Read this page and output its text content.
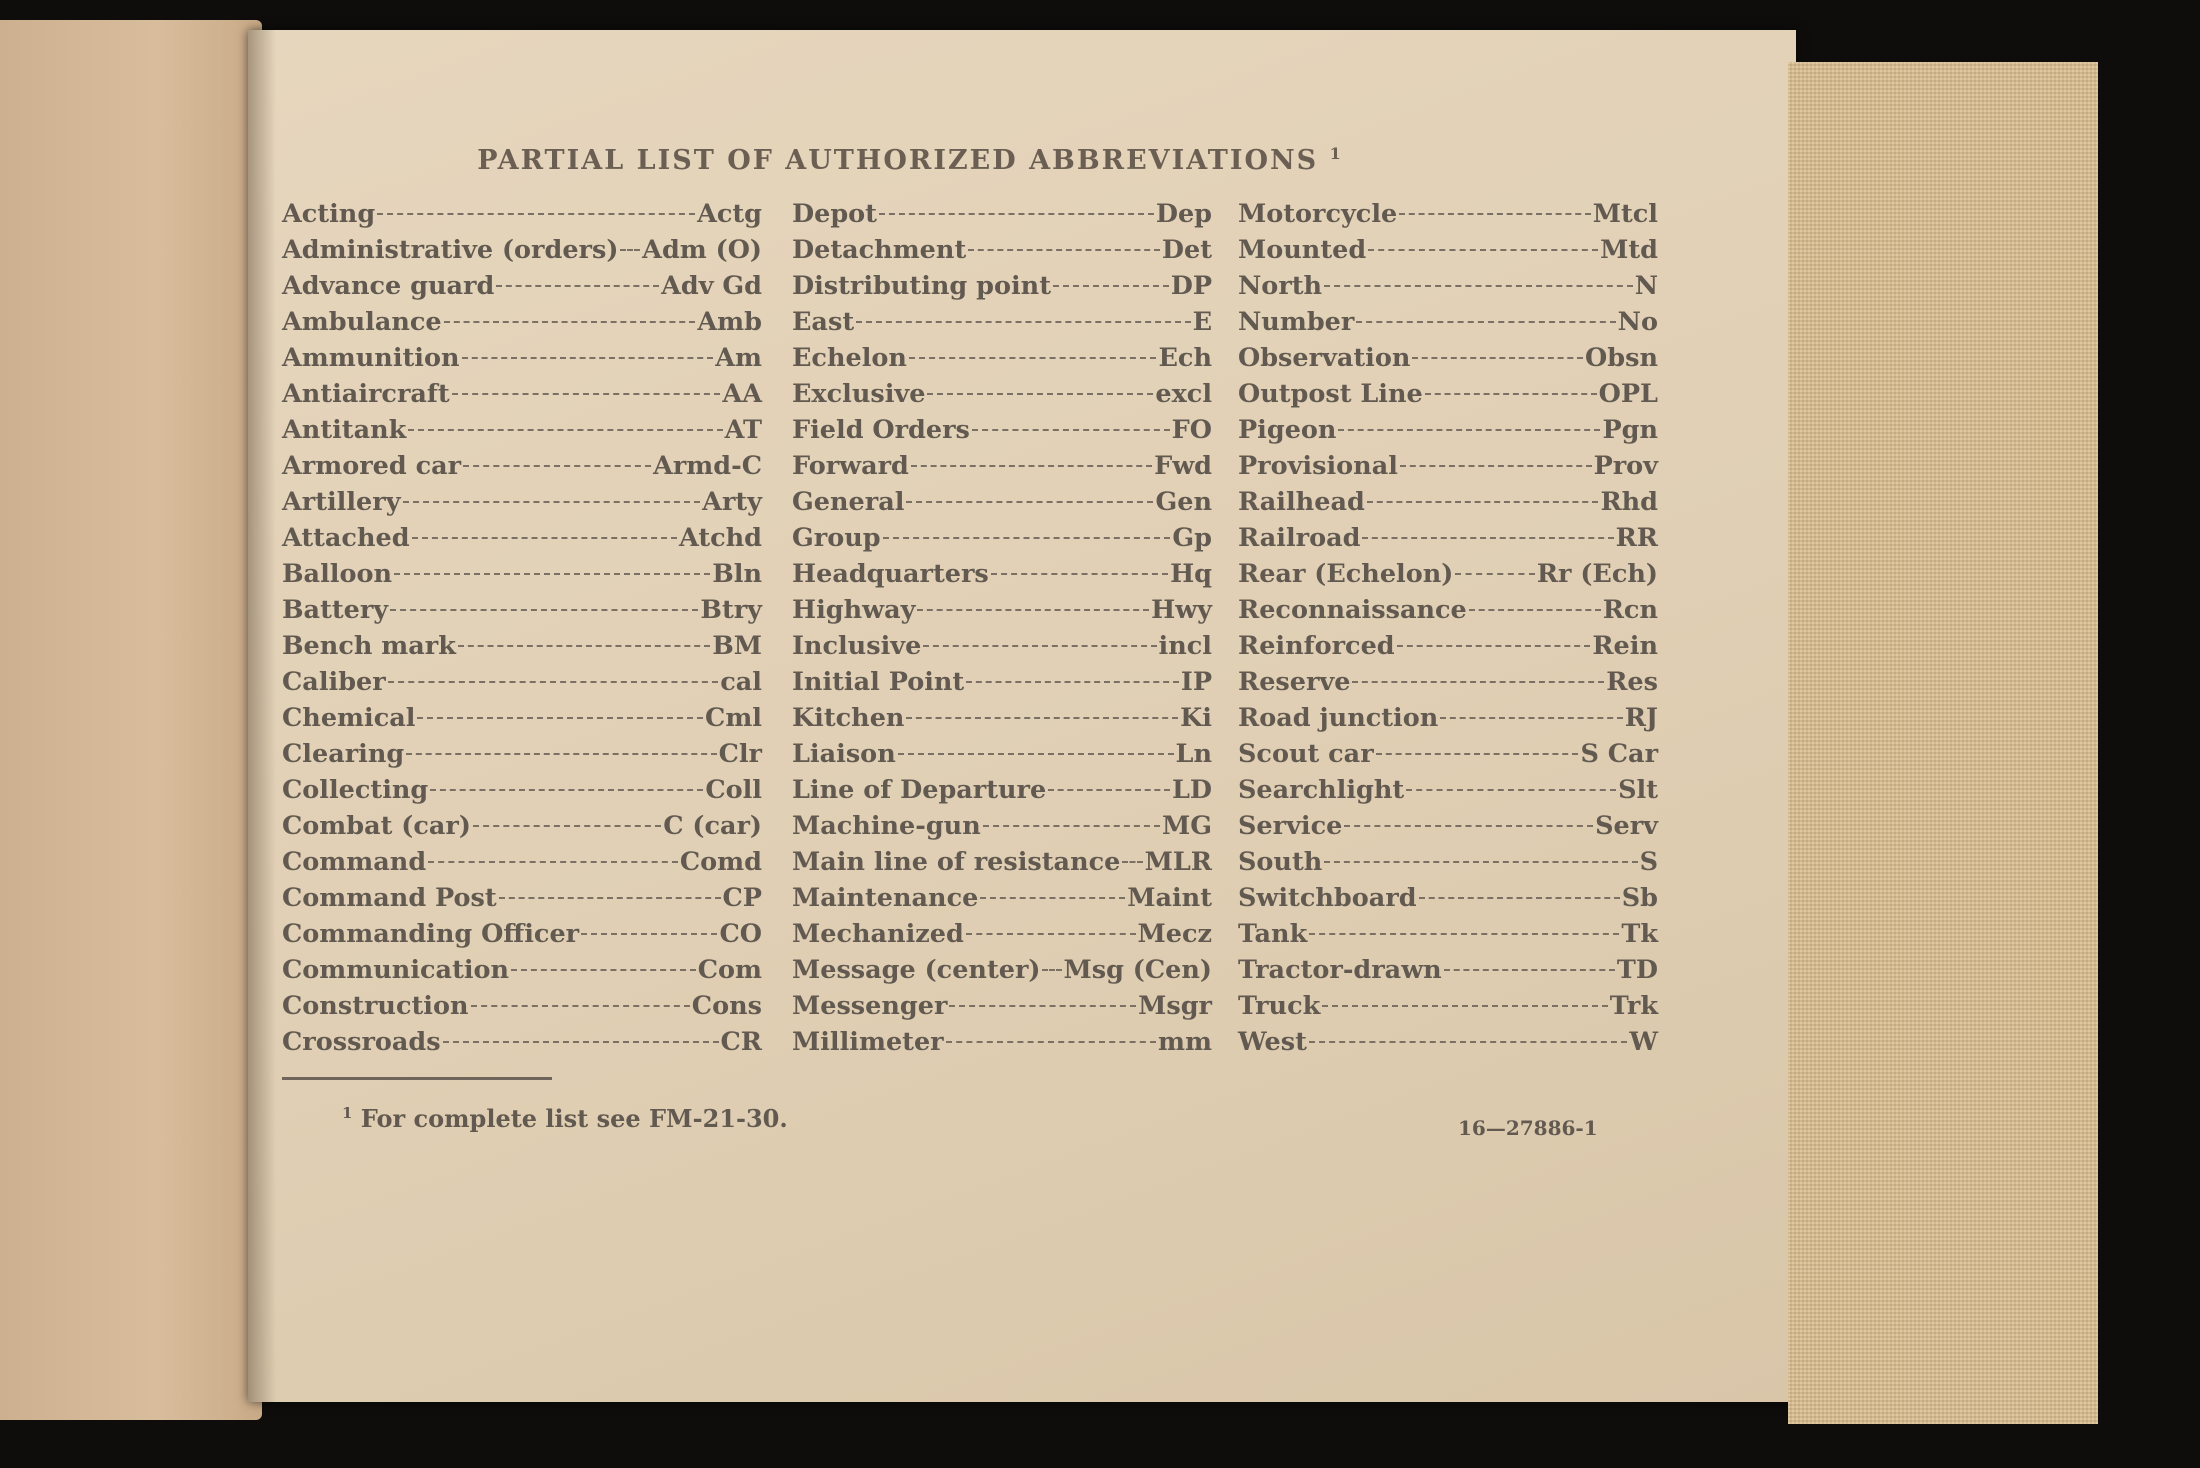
PARTIAL LIST OF AUTHORIZED ABBREVIATIONS $^1$
Acting	Actg
Administrative (orders) Adm (O)
Advance guard	Adv Gd
Ambulance	Amb
Ammunition	Am
Antiaircraft	AA
Antitank	AT
Armored car	Armd-C
Artillery	Arty
Attached	Atchd
Balloon	Bln
Battery	Btry
Bench mark	BM
Caliber	cal
Chemical	Cml
Clearing	Clr
Collecting	Coll
Combat (car)	C (car)
Command	Comd
Command Post	CP
Commanding Officer	CO
Communication	Com
Construction	Cons
Crossroads	CR
Depot	Dep
Detachment	Det
Distributing point	DP
East	E
Echelon	Ech
Exclusive	excl
Field Orders	FO
Forward	Fwd
General	Gen
Group	Gp
Headquarters	Hq
Highway	Hwy
Inclusive	incl
Initial Point	IP
Kitchen	Ki
Liaison	Ln
Line of Departure	LD
Machine-gun	MG
Main line of resistance MLR
Maintenance	Maint
Mechanized	Mecz
Message (center) Msg (Cen)
Messenger	Msgr
Millimeter	mm
Motorcycle	Mtcl
Mounted	Mtd
North	N
Number	No
Observation	Obsn
Outpost Line	OPL
Pigeon	Pgn
Provisional	Prov
Railhead	Rhd
Railroad	RR
Rear (Echelon)	Rr (Ech)
Reconnaissance	Rcn
Reinforced	Rein
Reserve	Res
Road junction	RJ
Scout car	S Car
Searchlight	Slt
Service	Serv
South	S
Switchboard	Sb
Tank	Tk
Tractor-drawn	TD
Truck	Trk
West	W
$^1$ For complete list see FM-21-30.	16—27886-1
